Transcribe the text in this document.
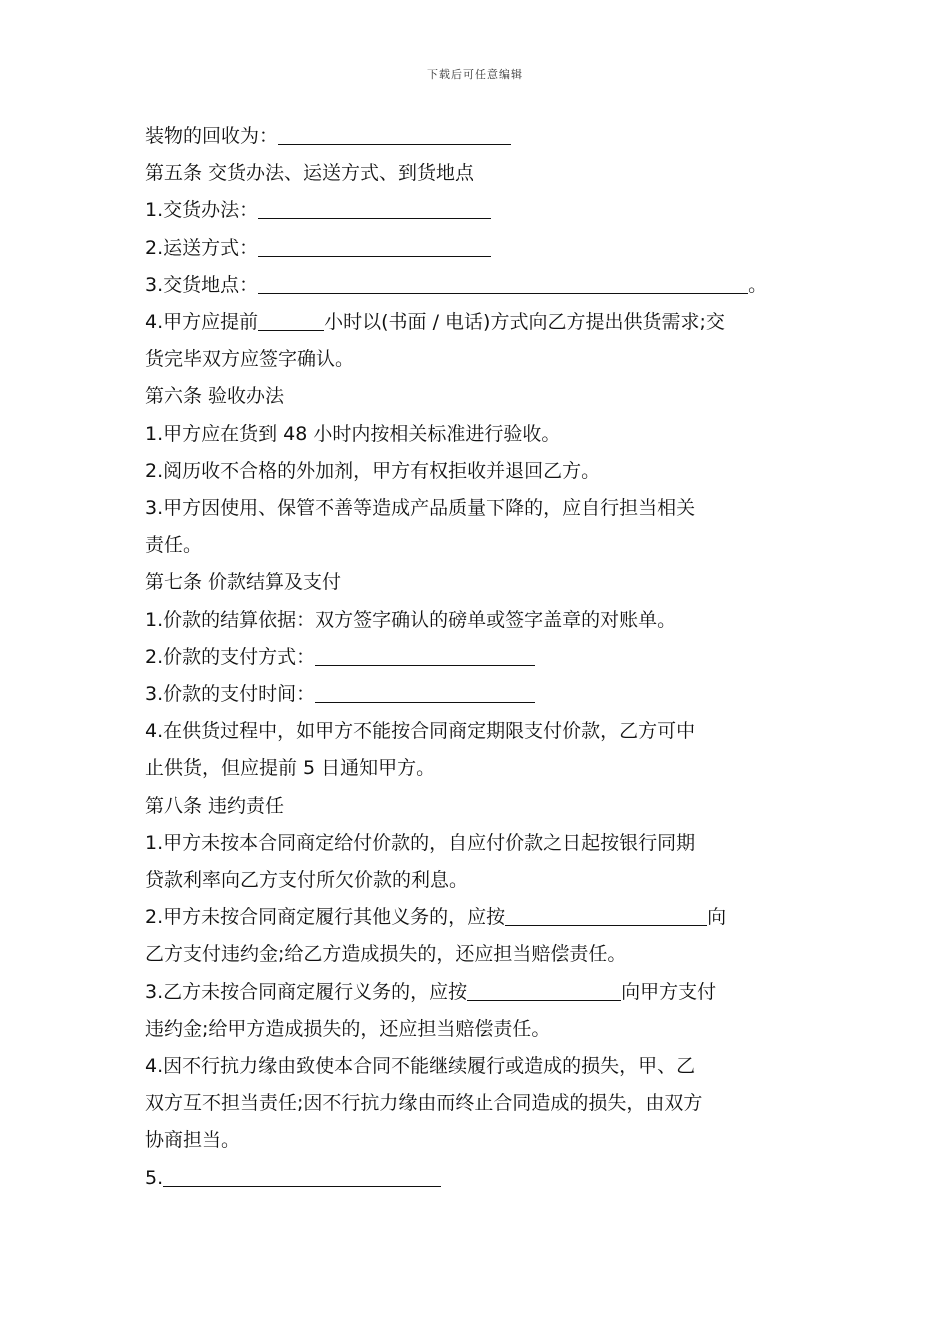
下载后可任意编辑
装物的回收为：
第五条 交货办法、运送方式、到货地点
1.交货办法：
2.运送方式：
3.交货地点：	。
4.甲方应提前	小时以(书面 / 电话)方式向乙方提出供货需求;交
货完毕双方应签字确认。
第六条 验收办法
1.甲方应在货到 48 小时内按相关标准进行验收。
2.阅历收不合格的外加剂，甲方有权拒收并退回乙方。
3.甲方因使用、保管不善等造成产品质量下降的，应自行担当相关
责任。
第七条 价款结算及支付
1.价款的结算依据：双方签字确认的磅单或签字盖章的对账单。
2.价款的支付方式：
3.价款的支付时间：
4.在供货过程中，如甲方不能按合同商定期限支付价款，乙方可中
止供货，但应提前 5 日通知甲方。
第八条 违约责任
1.甲方未按本合同商定给付价款的，自应付价款之日起按银行同期
贷款利率向乙方支付所欠价款的利息。
2.甲方未按合同商定履行其他义务的，应按	向
乙方支付违约金;给乙方造成损失的，还应担当赔偿责任。
3.乙方未按合同商定履行义务的，应按	向甲方支付
违约金;给甲方造成损失的，还应担当赔偿责任。
4.因不行抗力缘由致使本合同不能继续履行或造成的损失，甲、乙
双方互不担当责任;因不行抗力缘由而终止合同造成的损失，由双方
协商担当。
5.
